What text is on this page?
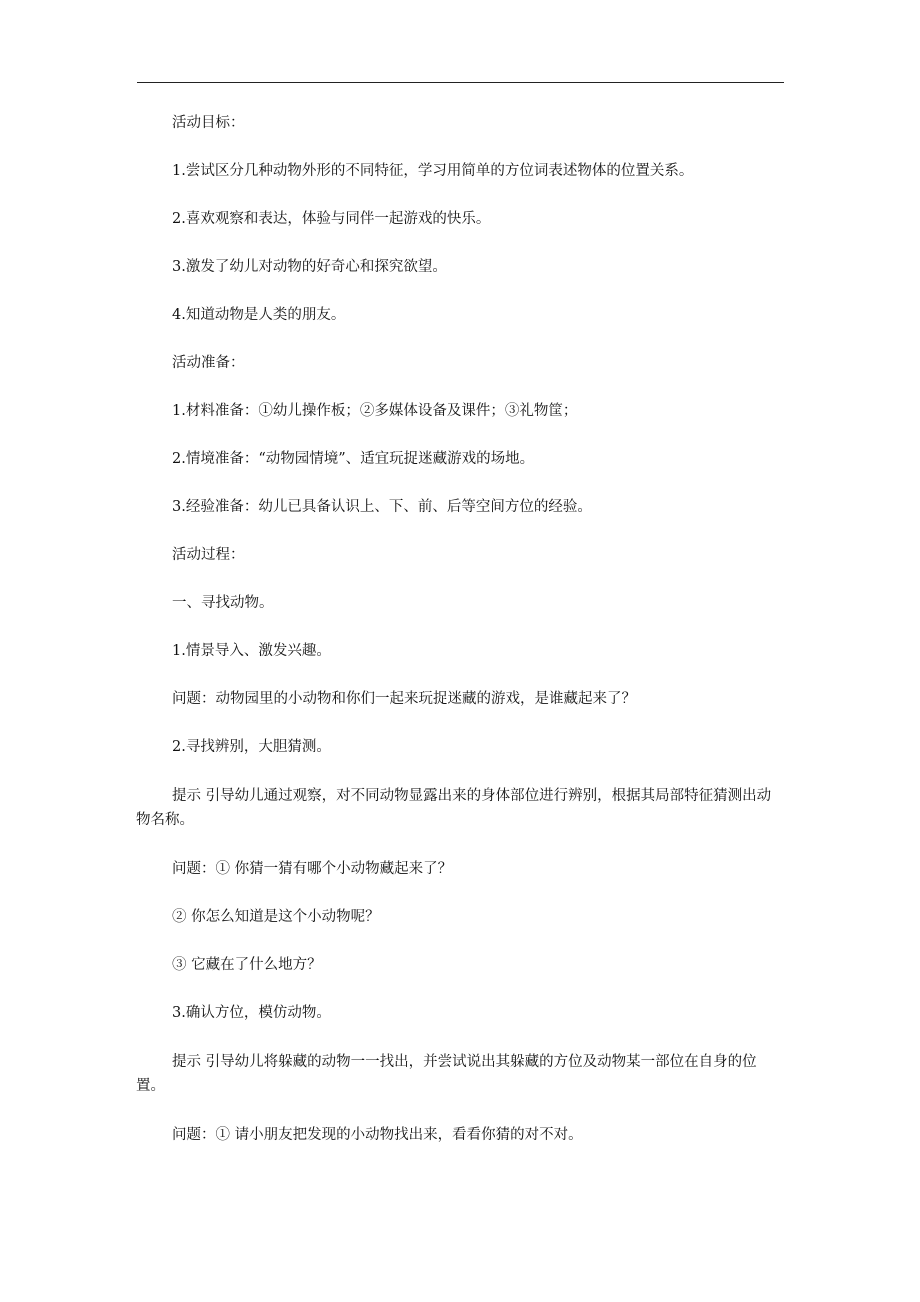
活动目标：

1.尝试区分几种动物外形的不同特征，学习用简单的方位词表述物体的位置关系。

2.喜欢观察和表达，体验与同伴一起游戏的快乐。

3.激发了幼儿对动物的好奇心和探究欲望。

4.知道动物是人类的朋友。

活动准备：

1.材料准备：①幼儿操作板；②多媒体设备及课件；③礼物筐；

2.情境准备：“动物园情境”、适宜玩捉迷藏游戏的场地。

3.经验准备：幼儿已具备认识上、下、前、后等空间方位的经验。

活动过程：

一、寻找动物。

1.情景导入、激发兴趣。

问题：动物园里的小动物和你们一起来玩捉迷藏的游戏，是谁藏起来了？

2.寻找辨别，大胆猜测。

提示 引导幼儿通过观察，对不同动物显露出来的身体部位进行辨别，根据其局部特征猜测出动物名称。

问题：① 你猜一猜有哪个小动物藏起来了？

② 你怎么知道是这个小动物呢？

③ 它藏在了什么地方？

3.确认方位，模仿动物。

提示 引导幼儿将躲藏的动物一一找出，并尝试说出其躲藏的方位及动物某一部位在自身的位置。

问题：① 请小朋友把发现的小动物找出来，看看你猜的对不对。
